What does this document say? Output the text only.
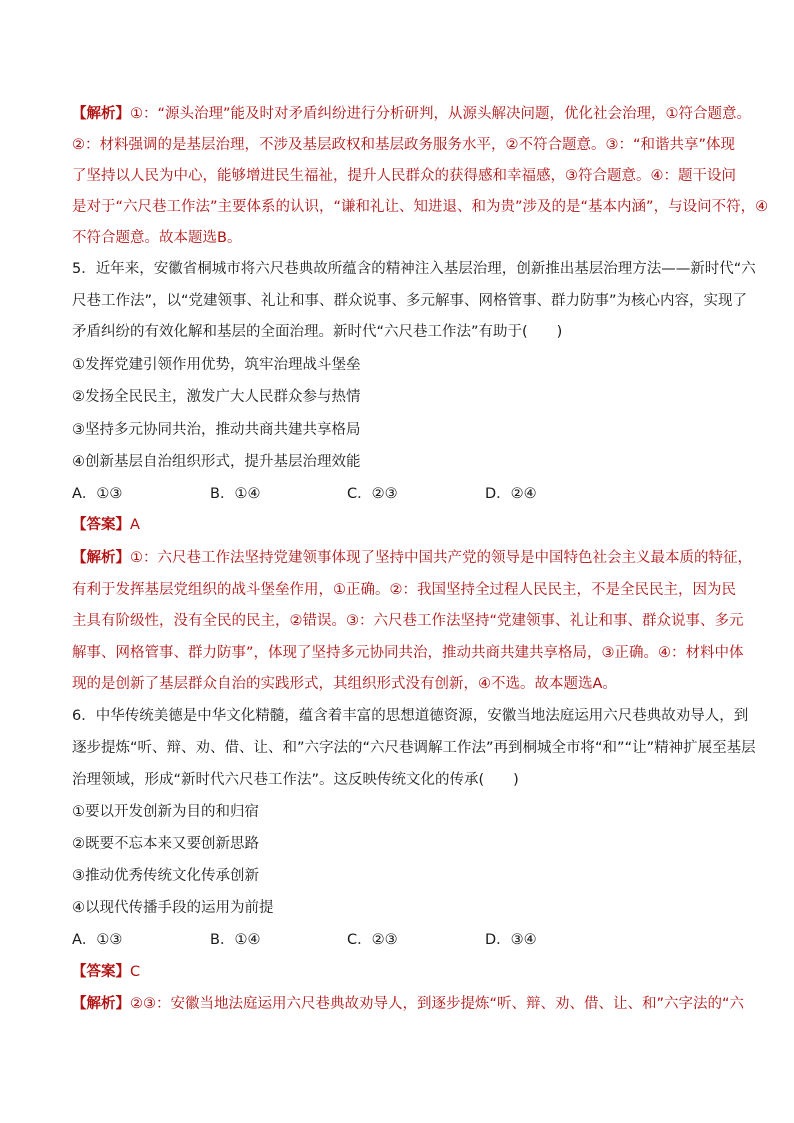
【解析】①：“源头治理”能及时对矛盾纠纷进行分析研判，从源头解决问题，优化社会治理，①符合题意。
②：材料强调的是基层治理，不涉及基层政权和基层政务服务水平，②不符合题意。③：“和谐共享”体现
了坚持以人民为中心，能够增进民生福祉，提升人民群众的获得感和幸福感，③符合题意。④：题干设问
是对于“六尺巷工作法”主要体系的认识，“谦和礼让、知进退、和为贵”涉及的是“基本内涵”，与设问不符，④
不符合题意。故本题选B。
5．近年来，安徽省桐城市将六尺巷典故所蕴含的精神注入基层治理，创新推出基层治理方法——新时代“六
尺巷工作法”，以“党建领事、礼让和事、群众说事、多元解事、网格管事、群力防事”为核心内容，实现了
矛盾纠纷的有效化解和基层的全面治理。新时代“六尺巷工作法”有助于(　　)
①发挥党建引领作用优势，筑牢治理战斗堡垒
②发扬全民民主，激发广大人民群众参与热情
③坚持多元协同共治，推动共商共建共享格局
④创新基层自治组织形式，提升基层治理效能
A．①③	B．①④	C．②③	D．②④
【答案】A
【解析】①：六尺巷工作法坚持党建领事体现了坚持中国共产党的领导是中国特色社会主义最本质的特征，
有利于发挥基层党组织的战斗堡垒作用，①正确。②：我国坚持全过程人民民主，不是全民民主，因为民
主具有阶级性，没有全民的民主，②错误。③：六尺巷工作法坚持“党建领事、礼让和事、群众说事、多元
解事、网格管事、群力防事”，体现了坚持多元协同共治，推动共商共建共享格局，③正确。④：材料中体
现的是创新了基层群众自治的实践形式，其组织形式没有创新，④不选。故本题选A。
6．中华传统美德是中华文化精髓，蕴含着丰富的思想道德资源，安徽当地法庭运用六尺巷典故劝导人，到
逐步提炼“听、辩、劝、借、让、和”六字法的“六尺巷调解工作法”再到桐城全市将“和”“让”精神扩展至基层
治理领域，形成“新时代六尺巷工作法”。这反映传统文化的传承(　　)
①要以开发创新为目的和归宿
②既要不忘本来又要创新思路
③推动优秀传统文化传承创新
④以现代传播手段的运用为前提
A．①③	B．①④	C．②③	D．③④
【答案】C
【解析】②③：安徽当地法庭运用六尺巷典故劝导人，到逐步提炼“听、辩、劝、借、让、和”六字法的“六
